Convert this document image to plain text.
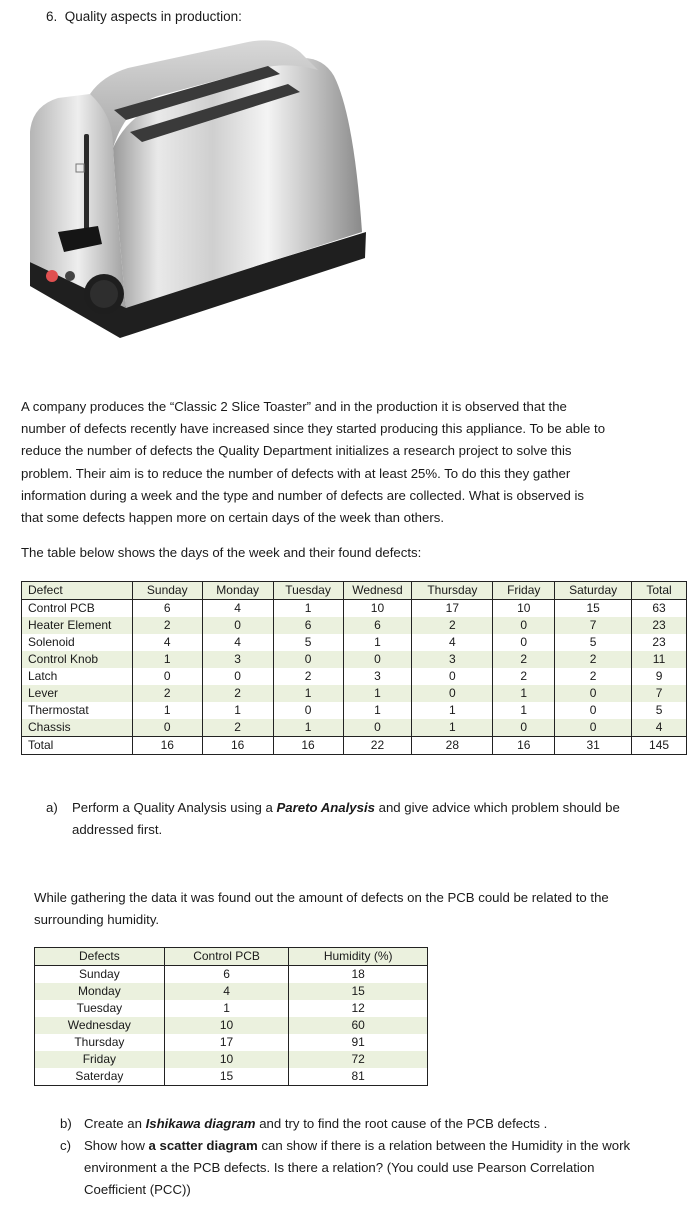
6.  Quality aspects in production:

A company produces the “Classic 2 Slice Toaster” and in the production it is observed that the

number of defects recently have increased since they started producing this appliance. To be able to

reduce the number of defects the Quality Department initializes a research project to solve this

problem. Their aim is to reduce the number of defects with at least 25%. To do this they gather

information during a week and the type and number of defects are collected. What is observed is

that some defects happen more on certain days of the week than others.

The table below shows the days of the week and their found defects:
Defect	Sunday	Monday	Tuesday	Wednesd	Thursday	Friday	Saturday	Total
Control PCB	6	4	1	10	17	10	15	63
Heater Element	2	0	6	6	2	0	7	23
Solenoid	4	4	5	1	4	0	5	23
Control Knob	1	3	0	0	3	2	2	11
Latch	0	0	2	3	0	2	2	9
Lever	2	2	1	1	0	1	0	7
Thermostat	1	1	0	1	1	1	0	5
Chassis	0	2	1	0	1	0	0	4
Total	16	16	16	22	28	16	31	145
a) Perform a Quality Analysis using a Pareto Analysis and give advice which problem should be
addressed first.

While gathering the data it was found out the amount of defects on the PCB could be related to the

surrounding humidity.

Defects	Control PCB	Humidity (%)
Sunday	6	18
Monday	4	15
Tuesday	1	12
Wednesday	10	60
Thursday	17	91
Friday	10	72
Saterday	15	81
b) Create an Ishikawa diagram and try to find the root cause of the PCB defects .
c) Show how a scatter diagram can show if there is a relation between the Humidity in the work
environment a the PCB defects. Is there a relation? (You could use Pearson Correlation
Coefficient (PCC))
